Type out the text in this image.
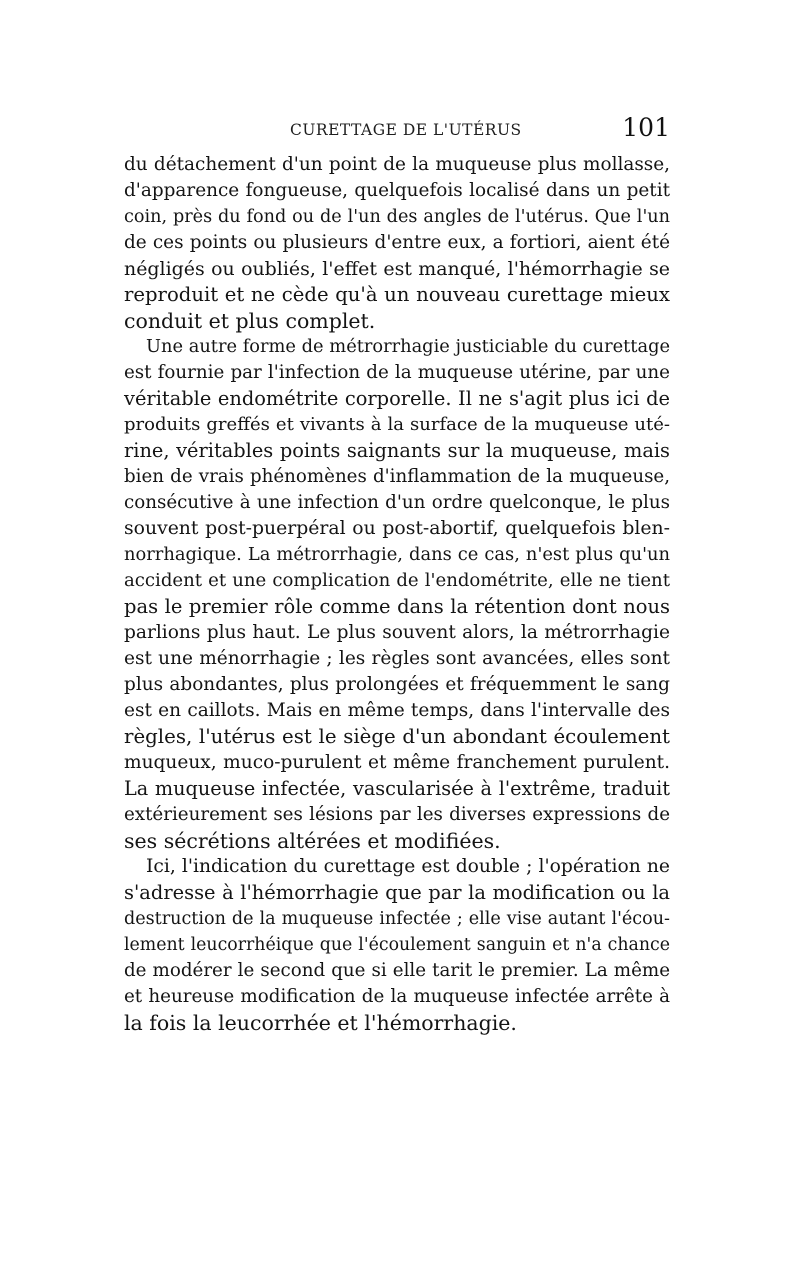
CURETTAGE DE L'UTÉRUS	101
du détachement d'un point de la muqueuse plus mollasse,
d'apparence fongueuse, quelquefois localisé dans un petit
coin, près du fond ou de l'un des angles de l'utérus. Que l'un
de ces points ou plusieurs d'entre eux, a fortiori, aient été
négligés ou oubliés, l'effet est manqué, l'hémorrhagie se
reproduit et ne cède qu'à un nouveau curettage mieux
conduit et plus complet.
Une autre forme de métrorrhagie justiciable du curettage
est fournie par l'infection de la muqueuse utérine, par une
véritable endométrite corporelle. Il ne s'agit plus ici de
produits greffés et vivants à la surface de la muqueuse uté-
rine, véritables points saignants sur la muqueuse, mais
bien de vrais phénomènes d'inflammation de la muqueuse,
consécutive à une infection d'un ordre quelconque, le plus
souvent post-puerpéral ou post-abortif, quelquefois blen-
norrhagique. La métrorrhagie, dans ce cas, n'est plus qu'un
accident et une complication de l'endométrite, elle ne tient
pas le premier rôle comme dans la rétention dont nous
parlions plus haut. Le plus souvent alors, la métrorrhagie
est une ménorrhagie ; les règles sont avancées, elles sont
plus abondantes, plus prolongées et fréquemment le sang
est en caillots. Mais en même temps, dans l'intervalle des
règles, l'utérus est le siège d'un abondant écoulement
muqueux, muco-purulent et même franchement purulent.
La muqueuse infectée, vascularisée à l'extrême, traduit
extérieurement ses lésions par les diverses expressions de
ses sécrétions altérées et modifiées.
Ici, l'indication du curettage est double ; l'opération ne
s'adresse à l'hémorrhagie que par la modification ou la
destruction de la muqueuse infectée ; elle vise autant l'écou-
lement leucorrhéique que l'écoulement sanguin et n'a chance
de modérer le second que si elle tarit le premier. La même
et heureuse modification de la muqueuse infectée arrête à
la fois la leucorrhée et l'hémorrhagie.
